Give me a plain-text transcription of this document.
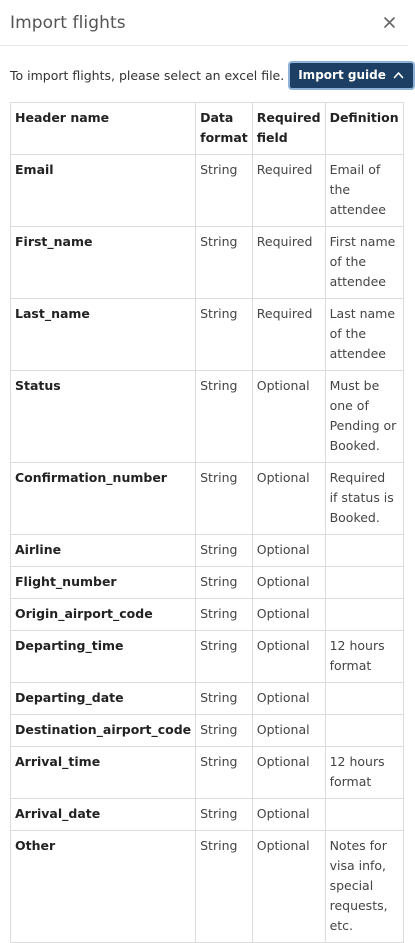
Import flights
To import flights, please select an excel file. Import guide
Header name	Data format	Required field	Definition
Email	String	Required	Email of the attendee
First_name	String	Required	First name of the attendee
Last_name	String	Required	Last name of the attendee
Status	String	Optional	Must be one of Pending or Booked.
Confirmation_number	String	Optional	Required if status is Booked.
Airline	String	Optional	
Flight_number	String	Optional	
Origin_airport_code	String	Optional	
Departing_time	String	Optional	12 hours format
Departing_date	String	Optional	
Destination_airport_code	String	Optional	
Arrival_time	String	Optional	12 hours format
Arrival_date	String	Optional	
Other	String	Optional	Notes for visa info, special requests, etc.
